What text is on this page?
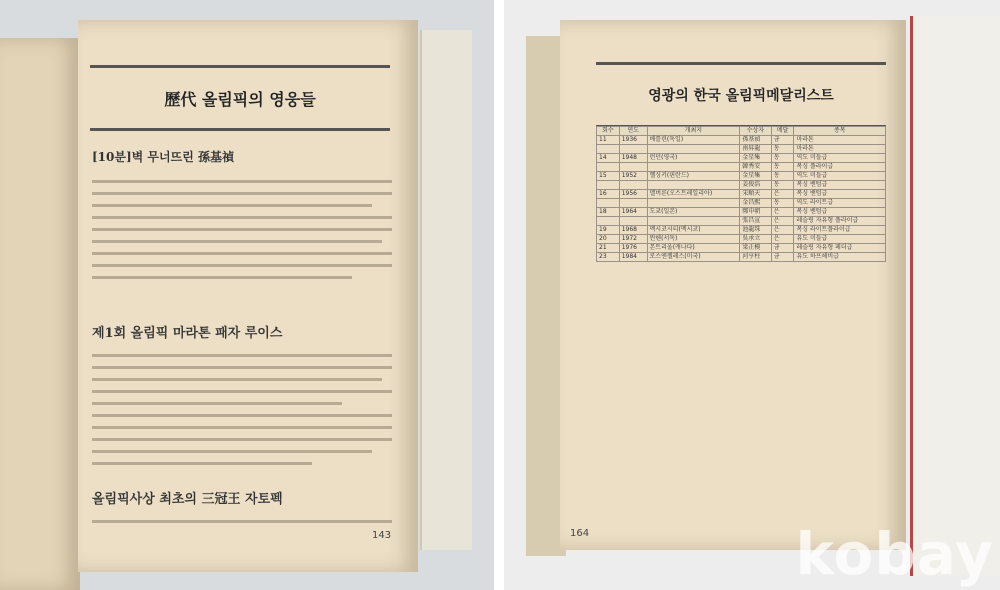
歷代 올림픽의 영웅들
[10분]벽 무너뜨린 孫基禎
제1회 올림픽 마라톤 패자 루이스
올림픽사상 최초의 三冠王 자토펙
143
영광의 한국 올림픽메달리스트
회수	연도	개최지	수상자	메달	종목
11	1936	베를린(독일)	孫基禎	금	마라톤
			南昇龍	동	마라톤
14	1948	런던(영국)	金星集	동	역도 미들급
			韓秀安	동	복싱 플라이급
15	1952	헬싱키(핀란드)	金星集	동	역도 미들급
			姜俊浩	동	복싱 밴텀급
16	1956	멜버른(오스트레일리아)	宋順天	은	복싱 밴텀급
			金昌熙	동	역도 라이트급
18	1964	도쿄(일본)	鄭申朝	은	복싱 밴텀급
			張昌宣	은	레슬링 자유형 플라이급
19	1968	멕시코시티(멕시코)	池龍珠	은	복싱 라이트플라이급
20	1972	뮌헨(서독)	吳承立	은	유도 미들급
21	1976	몬트리올(캐나다)	梁正模	금	레슬링 자유형 페더급
23	1984	로스앤젤레스(미국)	河亨柱	금	유도 하프헤비급
164	kobay
